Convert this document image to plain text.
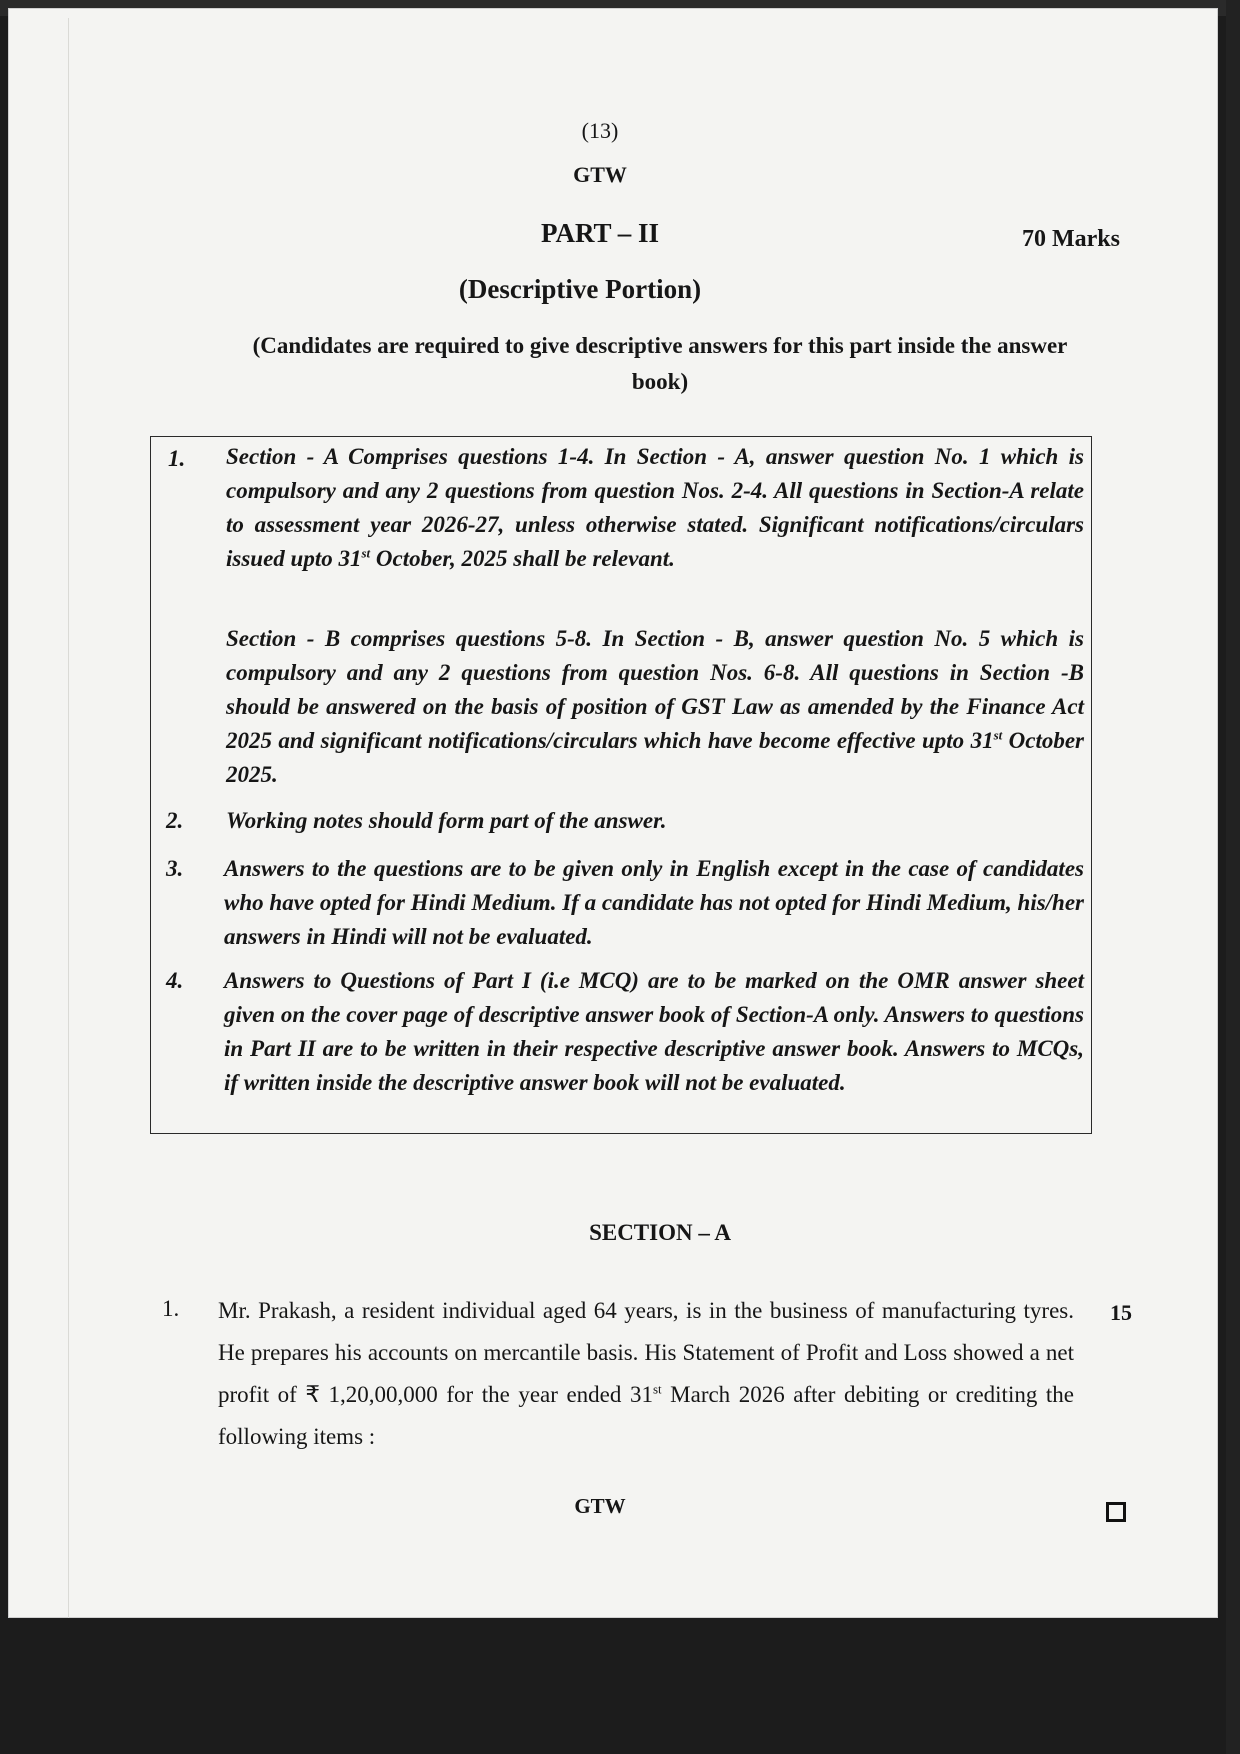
(13)
GTW
PART – II	70 Marks
(Descriptive Portion)
(Candidates are required to give descriptive answers for this part inside the answer book)
1. Section - A Comprises questions 1-4. In Section - A, answer question No. 1 which is compulsory and any 2 questions from question Nos. 2-4. All questions in Section-A relate to assessment year 2026-27, unless otherwise stated. Significant notifications/circulars issued upto 31st October, 2025 shall be relevant.
Section - B comprises questions 5-8. In Section - B, answer question No. 5 which is compulsory and any 2 questions from question Nos. 6-8. All questions in Section -B should be answered on the basis of position of GST Law as amended by the Finance Act 2025 and significant notifications/circulars which have become effective upto 31st October 2025.
2. Working notes should form part of the answer.
3. Answers to the questions are to be given only in English except in the case of candidates who have opted for Hindi Medium. If a candidate has not opted for Hindi Medium, his/her answers in Hindi will not be evaluated.
4. Answers to Questions of Part I (i.e MCQ) are to be marked on the OMR answer sheet given on the cover page of descriptive answer book of Section-A only. Answers to questions in Part II are to be written in their respective descriptive answer book. Answers to MCQs, if written inside the descriptive answer book will not be evaluated.
SECTION – A
1. Mr. Prakash, a resident individual aged 64 years, is in the business of manufacturing tyres. He prepares his accounts on mercantile basis. His Statement of Profit and Loss showed a net profit of ₹ 1,20,00,000 for the year ended 31st March 2026 after debiting or crediting the following items :
15
GTW
